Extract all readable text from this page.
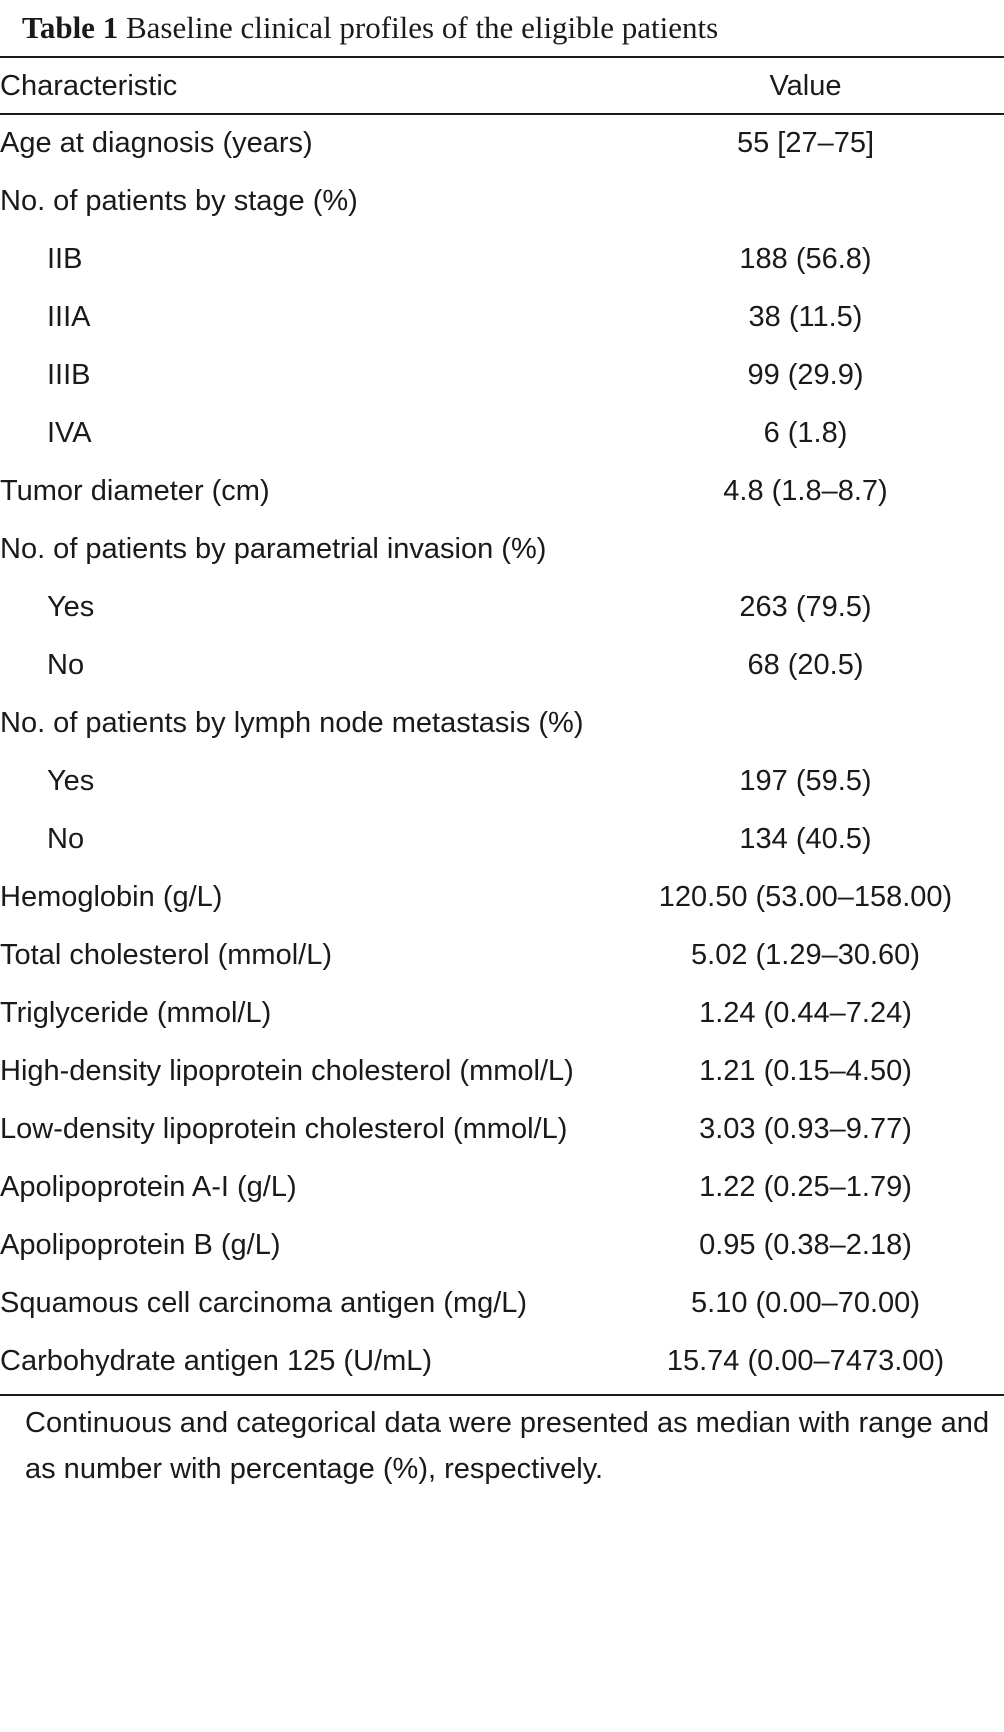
Table 1 Baseline clinical profiles of the eligible patients
Characteristic	Value
Age at diagnosis (years)	55 [27–75]
No. of patients by stage (%)	
IIB	188 (56.8)
IIIA	38 (11.5)
IIIB	99 (29.9)
IVA	6 (1.8)
Tumor diameter (cm)	4.8 (1.8–8.7)
No. of patients by parametrial invasion (%)	
Yes	263 (79.5)
No	68 (20.5)
No. of patients by lymph node metastasis (%)	
Yes	197 (59.5)
No	134 (40.5)
Hemoglobin (g/L)	120.50 (53.00–158.00)
Total cholesterol (mmol/L)	5.02 (1.29–30.60)
Triglyceride (mmol/L)	1.24 (0.44–7.24)
High-density lipoprotein cholesterol (mmol/L)	1.21 (0.15–4.50)
Low-density lipoprotein cholesterol (mmol/L)	3.03 (0.93–9.77)
Apolipoprotein A-I (g/L)	1.22 (0.25–1.79)
Apolipoprotein B (g/L)	0.95 (0.38–2.18)
Squamous cell carcinoma antigen (mg/L)	5.10 (0.00–70.00)
Carbohydrate antigen 125 (U/mL)	15.74 (0.00–7473.00)
Continuous and categorical data were presented as median with range and as number with percentage (%), respectively.
